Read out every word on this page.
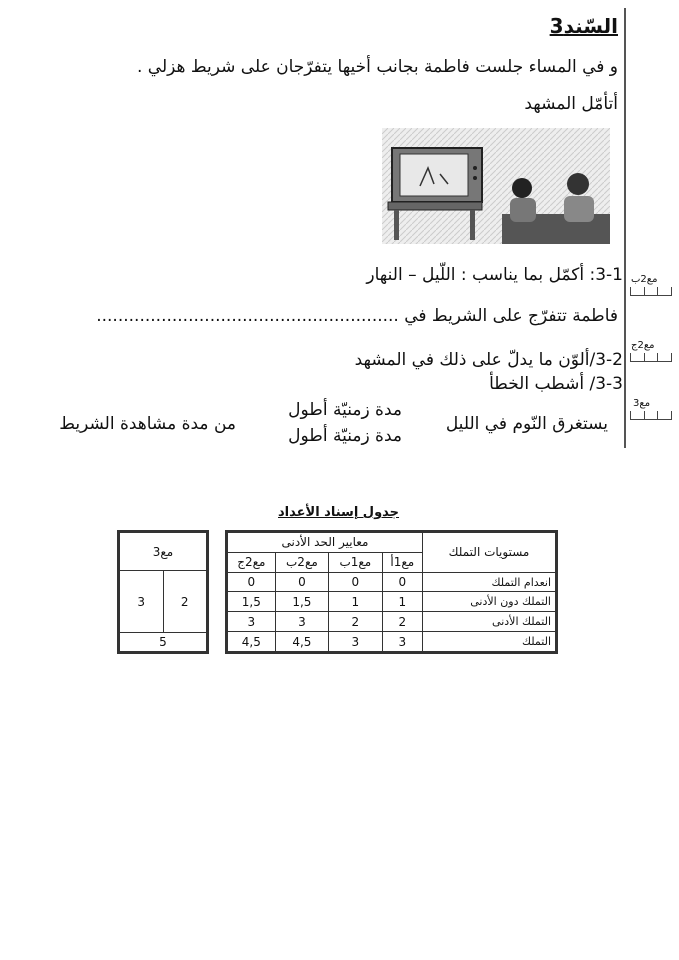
السّند3
و في المساء جلست فاطمة بجانب أخيها يتفرّجان على شريط هزلي .
أتأمّل المشهد
3-1: أكمّل بما يناسب : اللّيل – النهار
فاطمة تتفرّج على الشريط في ........................................................
3-2/ألوّن ما يدلّ على ذلك في المشهد
3-3/ أشطب الخطأ
يستغرق النّوم في الليل
مدة زمنيّة أطول
مدة زمنيّة أطول
من مدة مشاهدة الشريط
مع2ب
مع2ج
مع3
جدول إسناد الأعداد
مع3
2	3
5
مستويات التملك	معايير الحد الأدنى			
	مع1أ	مع1ب	مع2ب	مع2ج
انعدام التملك	0	0	0	0
التملك دون الأدنى	1	1	1,5	1,5
التملك الأدنى	2	2	3	3
التملك	3	3	4,5	4,5
